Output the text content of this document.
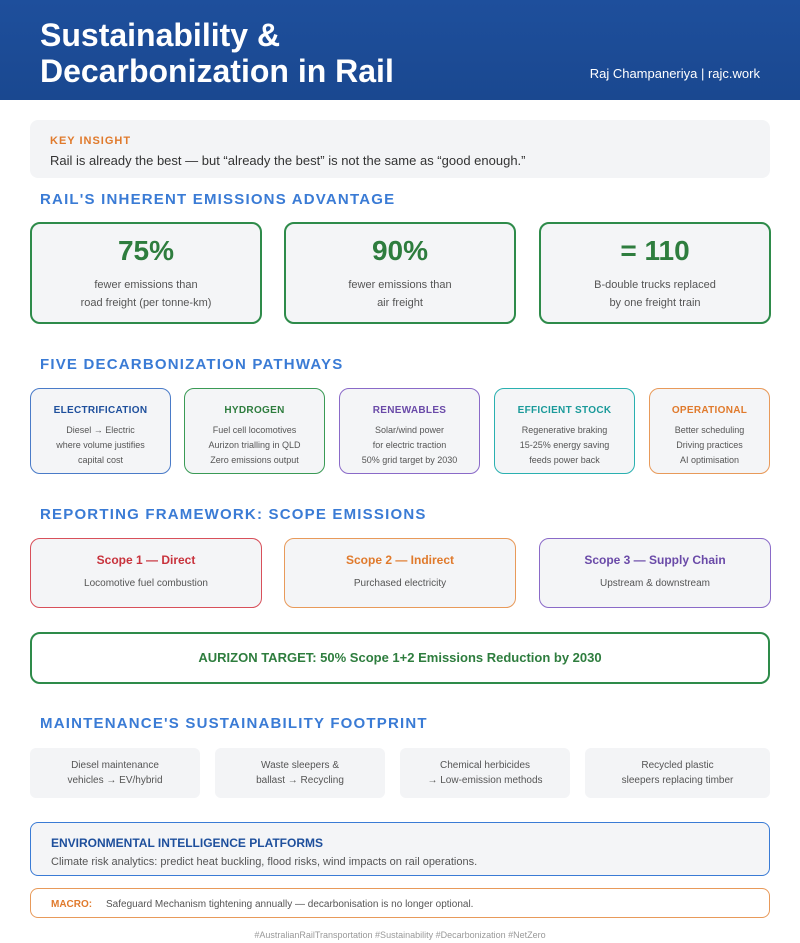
Sustainability &
Decarbonization in Rail	Raj Champaneriya | rajc.work
KEY INSIGHT
Rail is already the best — but “already the best” is not the same as “good enough.”
RAIL'S INHERENT EMISSIONS ADVANTAGE
75%
fewer emissions than
road freight (per tonne-km)
90%
fewer emissions than
air freight
= 110
B-double trucks replaced
by one freight train
FIVE DECARBONIZATION PATHWAYS
ELECTRIFICATION
Diesel → Electric
where volume justifies
capital cost
HYDROGEN
Fuel cell locomotives
Aurizon trialling in QLD
Zero emissions output
RENEWABLES
Solar/wind power
for electric traction
50% grid target by 2030
EFFICIENT STOCK
Regenerative braking
15-25% energy saving
feeds power back
OPERATIONAL
Better scheduling
Driving practices
AI optimisation
REPORTING FRAMEWORK: SCOPE EMISSIONS
Scope 1 — Direct
Locomotive fuel combustion
Scope 2 — Indirect
Purchased electricity
Scope 3 — Supply Chain
Upstream & downstream
AURIZON TARGET: 50% Scope 1+2 Emissions Reduction by 2030
MAINTENANCE'S SUSTAINABILITY FOOTPRINT
Diesel maintenance
vehicles → EV/hybrid
Waste sleepers &
ballast → Recycling
Chemical herbicides
→ Low-emission methods
Recycled plastic
sleepers replacing timber
ENVIRONMENTAL INTELLIGENCE PLATFORMS
Climate risk analytics: predict heat buckling, flood risks, wind impacts on rail operations.
MACRO: Safeguard Mechanism tightening annually — decarbonisation is no longer optional.
#AustralianRailTransportation #Sustainability #Decarbonization #NetZero
